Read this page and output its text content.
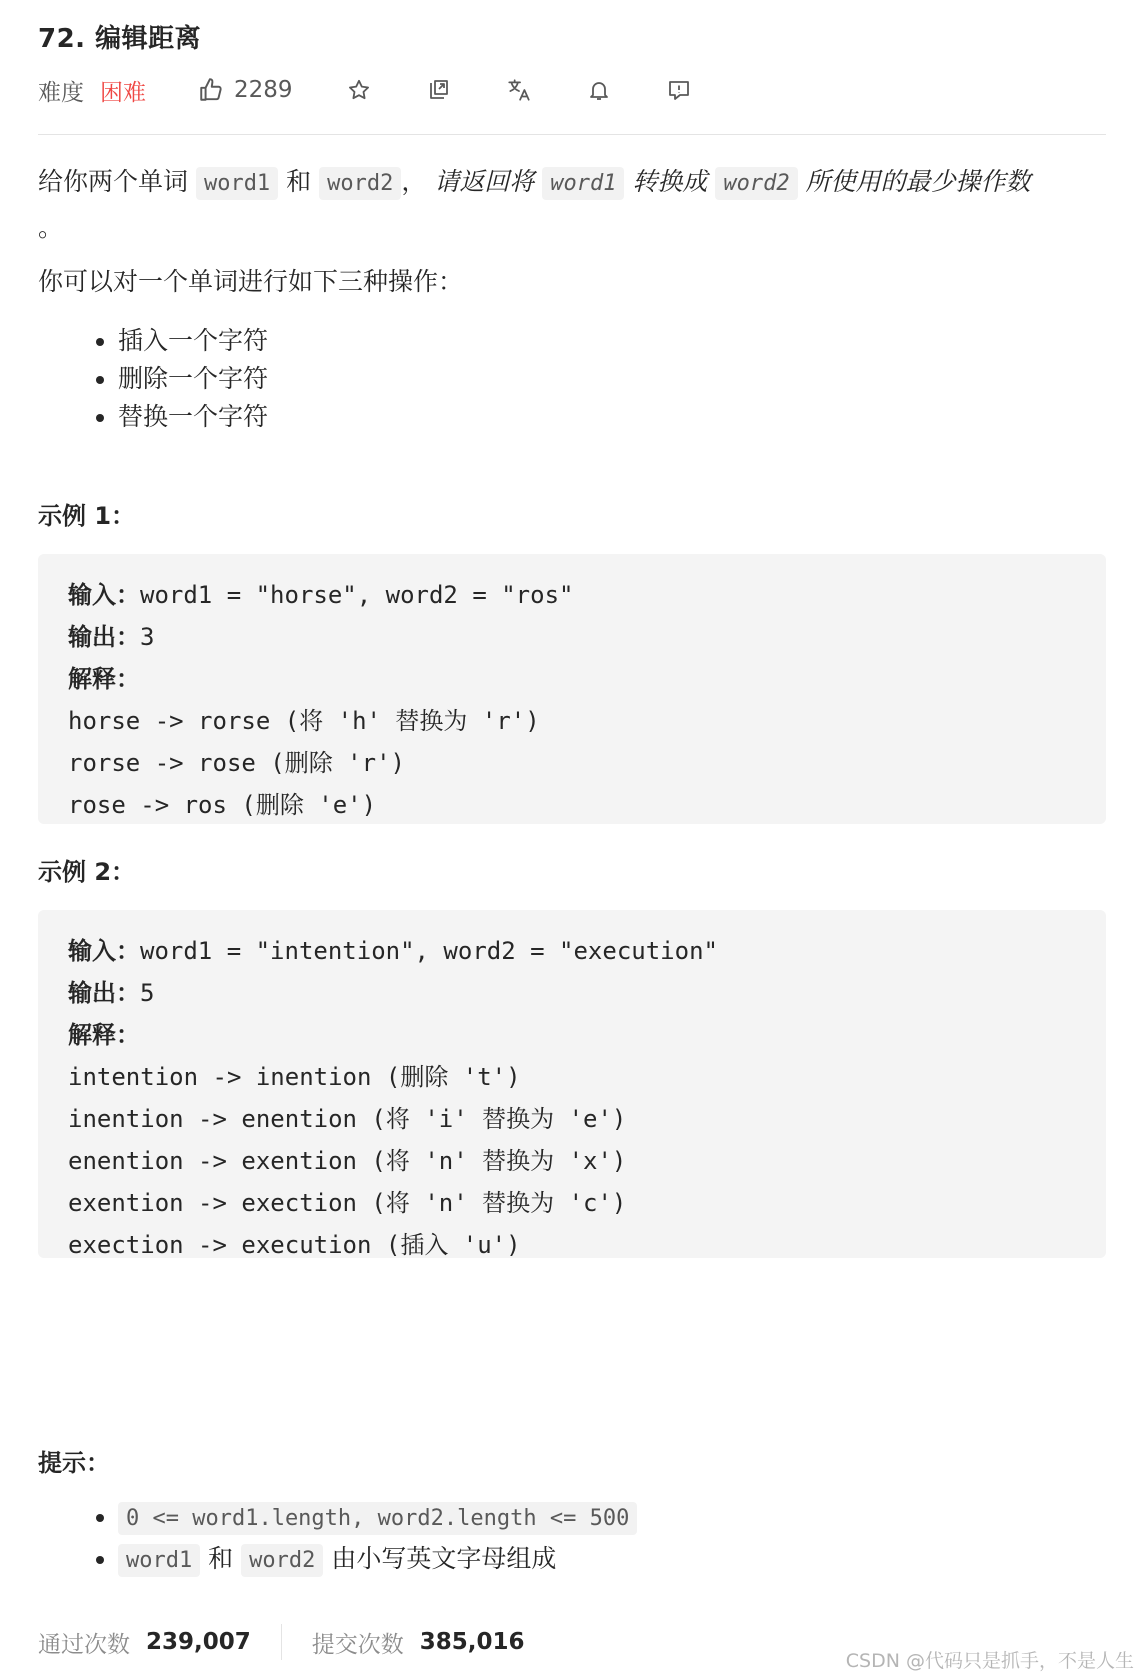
72. 编辑距离
难度 困难	2289
给你两个单词 word1 和 word2 ， 请返回将 word1 转换成 word2 所使用的最少操作数
。
你可以对一个单词进行如下三种操作：
• 插入一个字符
• 删除一个字符
• 替换一个字符
示例 1：
输入：word1 = "horse", word2 = "ros"
输出：3
解释：
horse -> rorse (将 'h' 替换为 'r')
rorse -> rose (删除 'r')
rose -> ros (删除 'e')
示例 2：
输入：word1 = "intention", word2 = "execution"
输出：5
解释：
intention -> inention (删除 't')
inention -> enention (将 'i' 替换为 'e')
enention -> exention (将 'n' 替换为 'x')
exention -> exection (将 'n' 替换为 'c')
exection -> execution (插入 'u')
提示：
• 0 <= word1.length, word2.length <= 500
• word1 和 word2 由小写英文字母组成
通过次数 239,007	提交次数 385,016
CSDN @代码只是抓手，不是人生
